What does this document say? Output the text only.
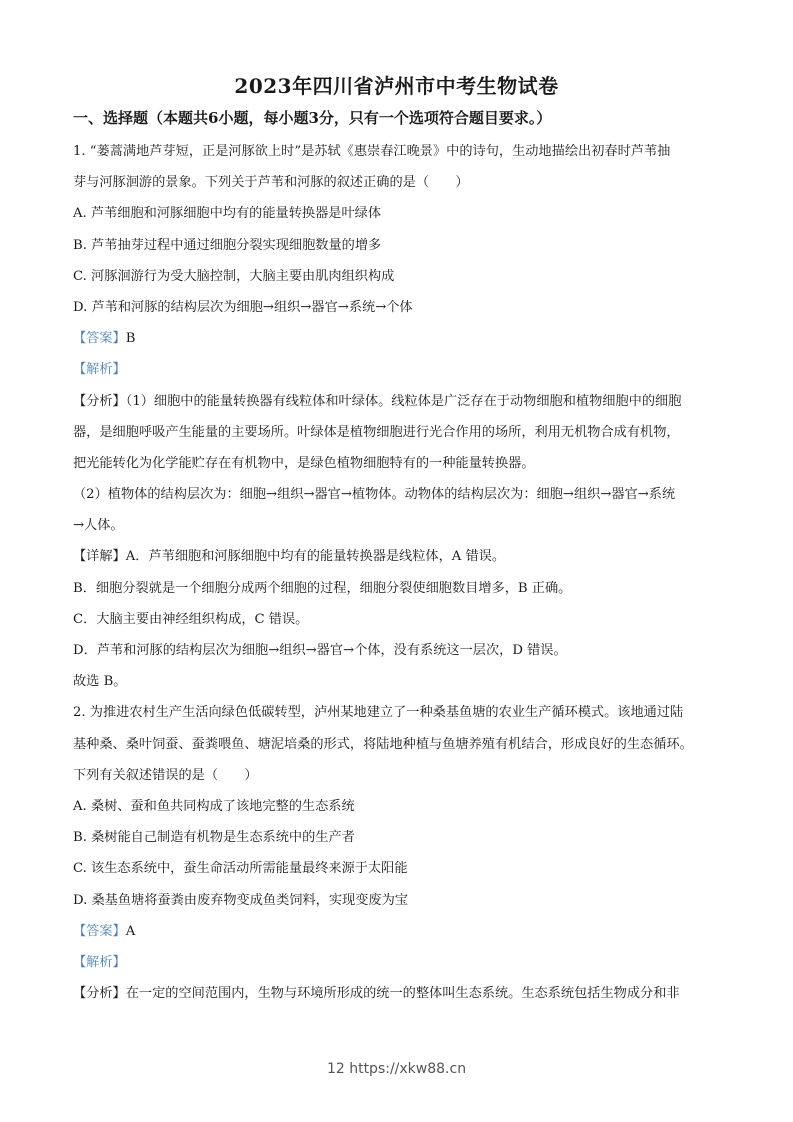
2023年四川省泸州市中考生物试卷
一、选择题（本题共6小题，每小题3分，只有一个选项符合题目要求。）
1. “蒌蒿满地芦芽短，正是河豚欲上时”是苏轼《惠崇春江晚景》中的诗句，生动地描绘出初春时芦苇抽
芽与河豚洄游的景象。下列关于芦苇和河豚的叙述正确的是（　　）
A. 芦苇细胞和河豚细胞中均有的能量转换器是叶绿体
B. 芦苇抽芽过程中通过细胞分裂实现细胞数量的增多
C. 河豚洄游行为受大脑控制，大脑主要由肌肉组织构成
D. 芦苇和河豚的结构层次为细胞→组织→器官→系统→个体
【答案】B
【解析】
【分析】（1）细胞中的能量转换器有线粒体和叶绿体。线粒体是广泛存在于动物细胞和植物细胞中的细胞
器，是细胞呼吸产生能量的主要场所。叶绿体是植物细胞进行光合作用的场所，利用无机物合成有机物，
把光能转化为化学能贮存在有机物中，是绿色植物细胞特有的一种能量转换器。
（2）植物体的结构层次为：细胞→组织→器官→植物体。动物体的结构层次为：细胞→组织→器官→系统
→人体。
【详解】A．芦苇细胞和河豚细胞中均有的能量转换器是线粒体，A 错误。
B．细胞分裂就是一个细胞分成两个细胞的过程，细胞分裂使细胞数目增多，B 正确。
C．大脑主要由神经组织构成，C 错误。
D．芦苇和河豚的结构层次为细胞→组织→器官→个体，没有系统这一层次，D 错误。
故选 B。
2. 为推进农村生产生活向绿色低碳转型，泸州某地建立了一种桑基鱼塘的农业生产循环模式。该地通过陆
基种桑、桑叶饲蚕、蚕粪喂鱼、塘泥培桑的形式，将陆地种植与鱼塘养殖有机结合，形成良好的生态循环。
下列有关叙述错误的是（　　）
A. 桑树、蚕和鱼共同构成了该地完整的生态系统
B. 桑树能自己制造有机物是生态系统中的生产者
C. 该生态系统中，蚕生命活动所需能量最终来源于太阳能
D. 桑基鱼塘将蚕粪由废弃物变成鱼类饲料，实现变废为宝
【答案】A
【解析】
【分析】在一定的空间范围内，生物与环境所形成的统一的整体叫生态系统。生态系统包括生物成分和非
12 https://xkw88.cn
